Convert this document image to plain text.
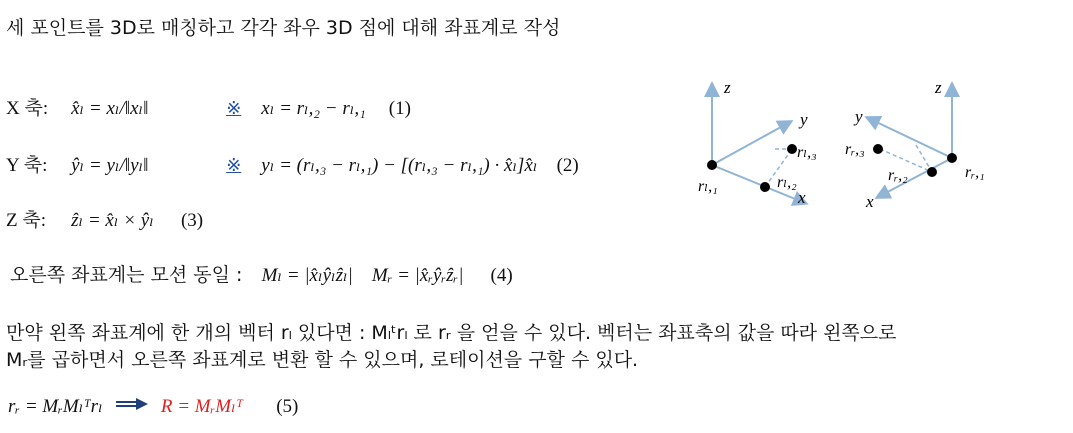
세 포인트를 3D로 매칭하고 각각 좌우 3D 점에 대해 좌표계로 작성
X 축: x̂ₗ = xₗ/‖xₗ‖	※ xₗ = rₗ,₂ − rₗ,₁ (1)
Y 축: ŷₗ = yₗ/‖yₗ‖	※ yₗ = (rₗ,₃ − rₗ,₁) − [(rₗ,₃ − rₗ,₁) · x̂ₗ]x̂ₗ (2)
Z 축: ẑₗ = x̂ₗ × ŷₗ (3)
오른쪽 좌표계는 모션 동일 : Mₗ = |x̂ₗŷₗẑₗ|    Mᵣ = |x̂ᵣŷᵣẑᵣ| (4)
만약 왼쪽 좌표계에 한 개의 벡터 rₗ 있다면 : Mₗᵗrₗ 로 rᵣ 을 얻을 수 있다. 벡터는 좌표축의 값을 따라 왼쪽으로
Mᵣ를 곱하면서 오른쪽 좌표계로 변환 할 수 있으며, 로테이션을 구할 수 있다.
rᵣ = MᵣMₗᵀrₗ	R = MᵣMₗᵀ (5)
z
y
x
rₗ,₁	rₗ,₂
rₗ,₃
z
y
x
rᵣ,₁
rᵣ,₂
rᵣ,₃
